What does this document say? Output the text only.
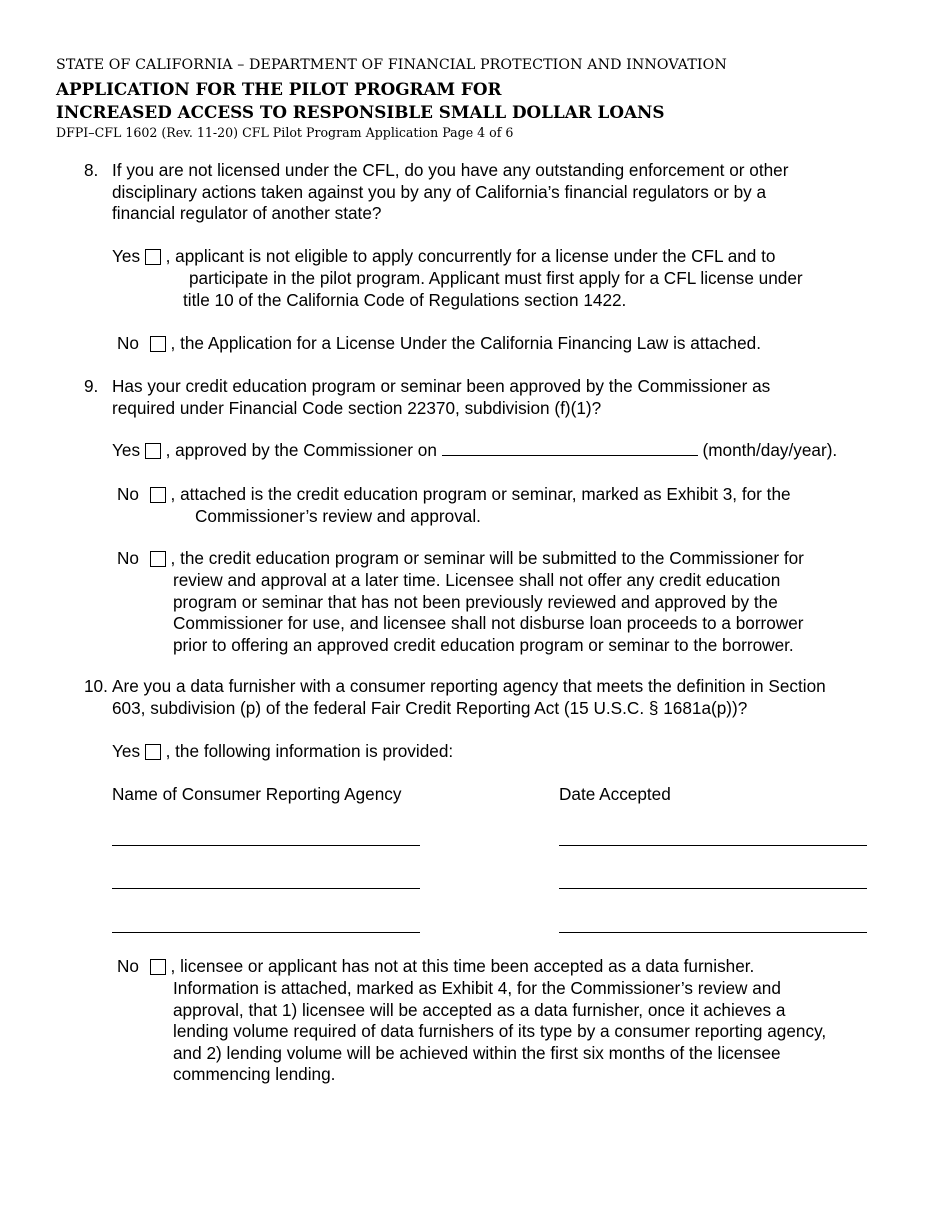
STATE OF CALIFORNIA – DEPARTMENT OF FINANCIAL PROTECTION AND INNOVATION
APPLICATION FOR THE PILOT PROGRAM FOR
INCREASED ACCESS TO RESPONSIBLE SMALL DOLLAR LOANS
DFPI–CFL 1602 (Rev. 11-20) CFL Pilot Program Application Page 4 of 6
8. If you are not licensed under the CFL, do you have any outstanding enforcement or other
disciplinary actions taken against you by any of California’s financial regulators or by a
financial regulator of another state?
Yes , applicant is not eligible to apply concurrently for a license under the CFL and to
participate in the pilot program. Applicant must first apply for a CFL license under
title 10 of the California Code of Regulations section 1422.
No , the Application for a License Under the California Financing Law is attached.
9. Has your credit education program or seminar been approved by the Commissioner as
required under Financial Code section 22370, subdivision (f)(1)?
Yes , approved by the Commissioner on	(month/day/year).
No , attached is the credit education program or seminar, marked as Exhibit 3, for the
Commissioner’s review and approval.
No , the credit education program or seminar will be submitted to the Commissioner for
review and approval at a later time. Licensee shall not offer any credit education
program or seminar that has not been previously reviewed and approved by the
Commissioner for use, and licensee shall not disburse loan proceeds to a borrower
prior to offering an approved credit education program or seminar to the borrower.
10. Are you a data furnisher with a consumer reporting agency that meets the definition in Section
603, subdivision (p) of the federal Fair Credit Reporting Act (15 U.S.C. § 1681a(p))?
Yes , the following information is provided:
Name of Consumer Reporting Agency	Date Accepted
No , licensee or applicant has not at this time been accepted as a data furnisher.
Information is attached, marked as Exhibit 4, for the Commissioner’s review and
approval, that 1) licensee will be accepted as a data furnisher, once it achieves a
lending volume required of data furnishers of its type by a consumer reporting agency,
and 2) lending volume will be achieved within the first six months of the licensee
commencing lending.
